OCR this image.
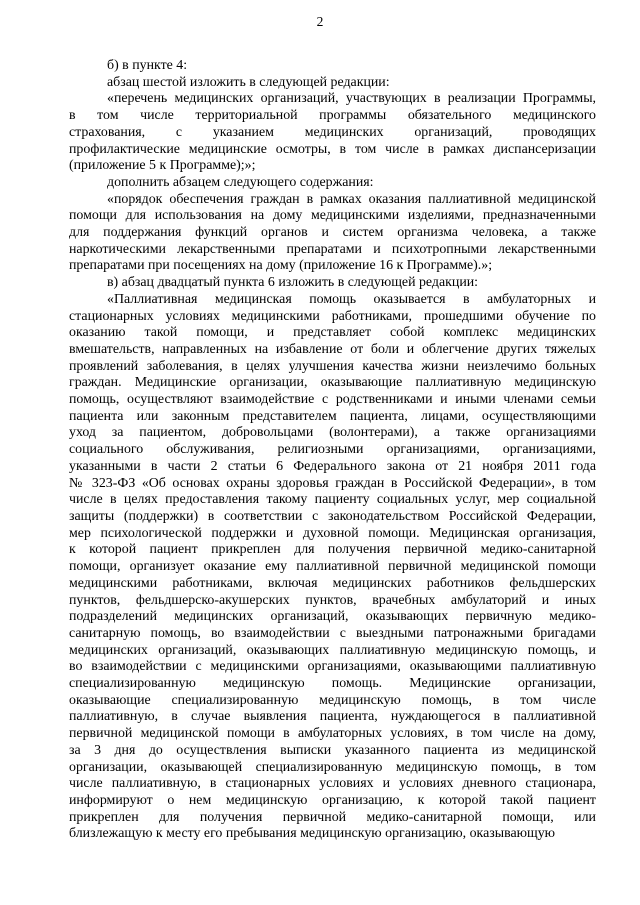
2
б) в пункте 4:
абзац шестой изложить в следующей редакции:
«перечень медицинских организаций, участвующих в реализации Программы,
в том числе территориальной программы обязательного медицинского
страхования, с указанием медицинских организаций, проводящих
профилактические медицинские осмотры, в том числе в рамках диспансеризации
(приложение 5 к Программе);»;
дополнить абзацем следующего содержания:
«порядок обеспечения граждан в рамках оказания паллиативной медицинской
помощи для использования на дому медицинскими изделиями, предназначенными
для поддержания функций органов и систем организма человека, а также
наркотическими лекарственными препаратами и психотропными лекарственными
препаратами при посещениях на дому (приложение 16 к Программе).»;
в) абзац двадцатый пункта 6 изложить в следующей редакции:
«Паллиативная медицинская помощь оказывается в амбулаторных и
стационарных условиях медицинскими работниками, прошедшими обучение по
оказанию такой помощи, и представляет собой комплекс медицинских
вмешательств, направленных на избавление от боли и облегчение других тяжелых
проявлений заболевания, в целях улучшения качества жизни неизлечимо больных
граждан. Медицинские организации, оказывающие паллиативную медицинскую
помощь, осуществляют взаимодействие с родственниками и иными членами семьи
пациента или законным представителем пациента, лицами, осуществляющими
уход за пациентом, добровольцами (волонтерами), а также организациями
социального обслуживания, религиозными организациями, организациями,
указанными в части 2 статьи 6 Федерального закона от 21 ноября 2011 года
№ 323-ФЗ «Об основах охраны здоровья граждан в Российской Федерации», в том
числе в целях предоставления такому пациенту социальных услуг, мер социальной
защиты (поддержки) в соответствии с законодательством Российской Федерации,
мер психологической поддержки и духовной помощи. Медицинская организация,
к которой пациент прикреплен для получения первичной медико-санитарной
помощи, организует оказание ему паллиативной первичной медицинской помощи
медицинскими работниками, включая медицинских работников фельдшерских
пунктов, фельдшерско-акушерских пунктов, врачебных амбулаторий и иных
подразделений медицинских организаций, оказывающих первичную медико-
санитарную помощь, во взаимодействии с выездными патронажными бригадами
медицинских организаций, оказывающих паллиативную медицинскую помощь, и
во взаимодействии с медицинскими организациями, оказывающими паллиативную
специализированную медицинскую помощь. Медицинские организации,
оказывающие специализированную медицинскую помощь, в том числе
паллиативную, в случае выявления пациента, нуждающегося в паллиативной
первичной медицинской помощи в амбулаторных условиях, в том числе на дому,
за 3 дня до осуществления выписки указанного пациента из медицинской
организации, оказывающей специализированную медицинскую помощь, в том
числе паллиативную, в стационарных условиях и условиях дневного стационара,
информируют о нем медицинскую организацию, к которой такой пациент
прикреплен для получения первичной медико-санитарной помощи, или
близлежащую к месту его пребывания медицинскую организацию, оказывающую
